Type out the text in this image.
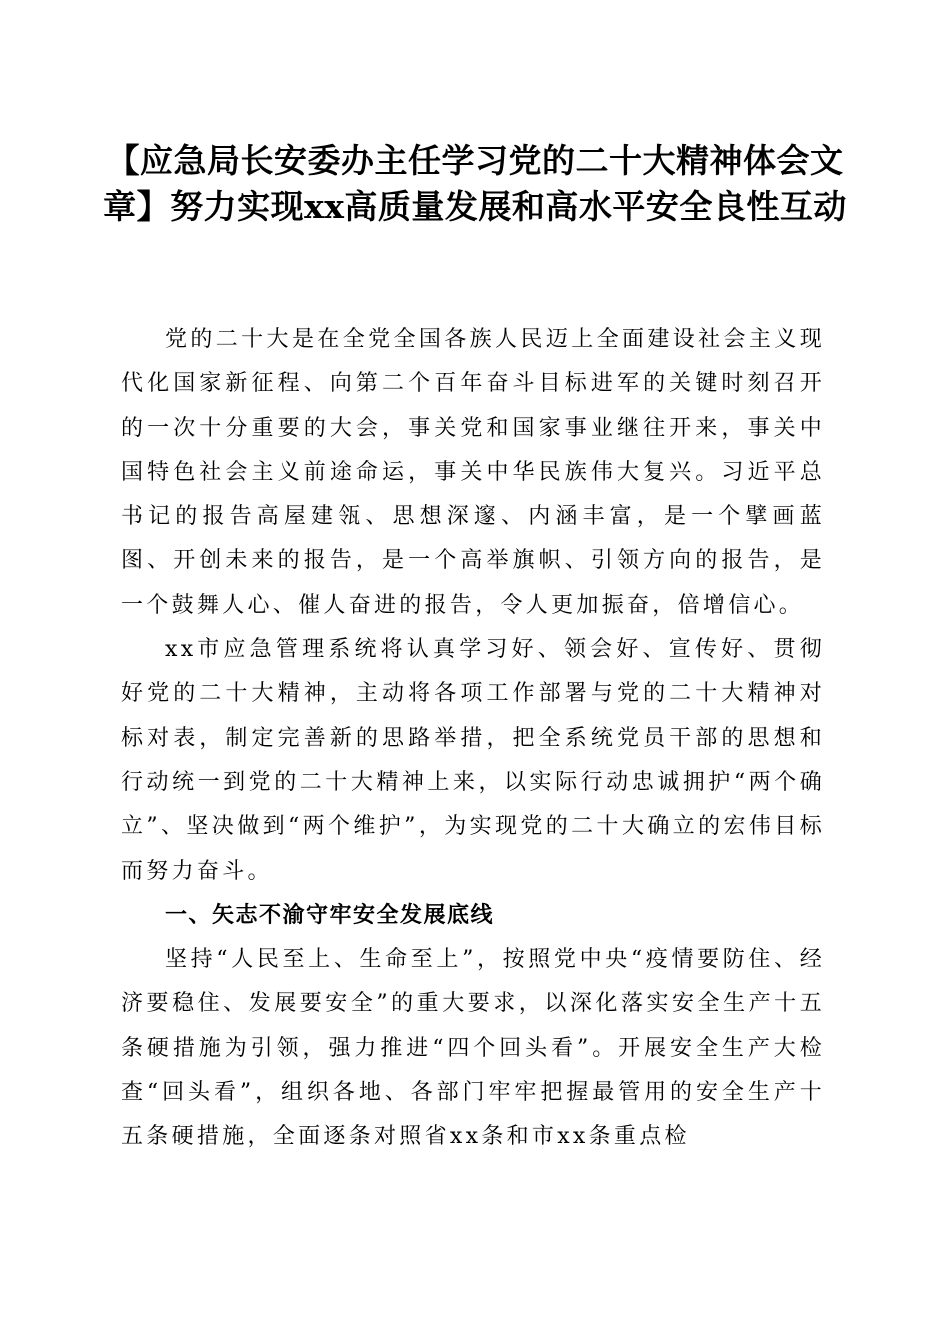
【应急局长安委办主任学习党的二十大精神体会文章】努力实现xx高质量发展和高水平安全良性互动

党的二十大是在全党全国各族人民迈上全面建设社会主义现代化国家新征程、向第二个百年奋斗目标进军的关键时刻召开的一次十分重要的大会，事关党和国家事业继往开来，事关中国特色社会主义前途命运，事关中华民族伟大复兴。习近平总书记的报告高屋建瓴、思想深邃、内涵丰富，是一个擘画蓝图、开创未来的报告，是一个高举旗帜、引领方向的报告，是一个鼓舞人心、催人奋进的报告，令人更加振奋，倍增信心。

xx市应急管理系统将认真学习好、领会好、宣传好、贯彻好党的二十大精神，主动将各项工作部署与党的二十大精神对标对表，制定完善新的思路举措，把全系统党员干部的思想和行动统一到党的二十大精神上来，以实际行动忠诚拥护“两个确立”、坚决做到“两个维护”，为实现党的二十大确立的宏伟目标而努力奋斗。

一、矢志不渝守牢安全发展底线

坚持“人民至上、生命至上”，按照党中央“疫情要防住、经济要稳住、发展要安全”的重大要求，以深化落实安全生产十五条硬措施为引领，强力推进“四个回头看”。开展安全生产大检查“回头看”，组织各地、各部门牢牢把握最管用的安全生产十五条硬措施，全面逐条对照省xx条和市xx条重点检
